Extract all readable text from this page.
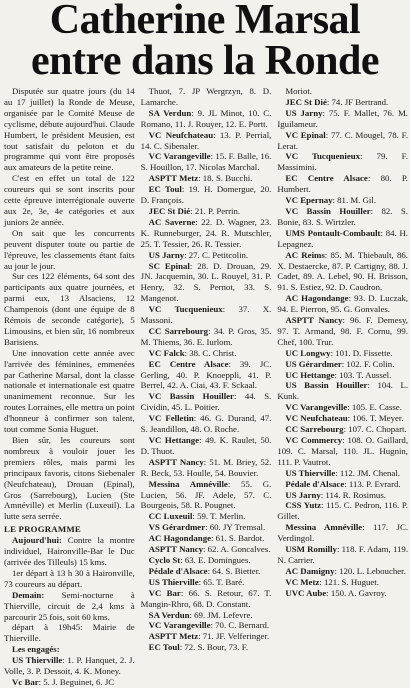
Catherine Marsal
entre dans la Ronde

Disputée sur quatre jours (du 14 au 17 juillet) la Ronde de Meuse, organisée par le Comité Meuse de cyclisme, débute aujourd'hui. Claude Humbert, le président Meusien, est tout satisfait du peloton et du programme qui vont être proposés aux amateurs de la petite reine.

C'est en effet un total de 122 coureurs qui se sont inscrits pour cette épreuve interrégionale ouverte aux 2e, 3e, 4e catégories et aux juniors 2e année.

On sait que les concurrents peuvent disputer toute ou partie de l'épreuve, les classements étant faits au jour le jour.

Sur ces 122 éléments, 64 sont des participants aux quatre journées, et parmi eux, 13 Alsaciens, 12 Champenois (dont une équipe de 8 Rémois de seconde catégorie), 5 Limousins, et bien sûr, 16 nombreux Barisiens.

Une innovation cette année avec l'arrivée des féminines, emmenées par Catherine Marsal, dont la classe nationale et internationale est quatre unanimement reconnue. Sur les routes Lorraines, elle mettra un point d'honneur à confirmer son talent, tout comme Sonia Huguet.

Bien sûr, les coureurs sont nombreux à vouloir jouer les premiers rôles, mais parmi les principaux favoris, citons Siebenaler (Neufchateau), Drouan (Epinal), Gros (Sarrebourg), Lucien (Ste Amnéville) et Merlin (Luxeuil). La lutte sera serrée.

LE PROGRAMME

Aujourd'hui: Contre la montre individuel, Haironville-Bar le Duc (arrivée des Tilleuls) 15 kms.

1er départ à 13 h 30 à Haironville, 73 coureurs au départ.

Demain: Semi-nocturne à Thierville, circuit de 2,4 kms à parcourir 25 fois, soit 60 kms.

départ à 19h45: Mairie de Thierville.

Les engagés:

US Thierville: 1. P. Hanquet, 2. J. Volle, 3. P. Dessoit, 4. K. Money.

Vc Bar: 5. J. Beguinet, 6. JC

Thuot, 7. JP Wergrzyn, 8. D. Lamarche.

SA Verdun: 9. JL Minot, 10. C. Romano, 11. J. Rouyer, 12. E. Portt.

VC Neufchateau: 13. P. Perrial, 14. C. Sibenaler.

VC Varangeville: 15. F. Balle, 16. S. Houillon, 17. Nicolas Marchal.

ASPTT Metz: 18. S. Bucchi.

EC Toul: 19. H. Domergue, 20. D. François.

JEC St Dié: 21. P. Perrin.

AC Saverne: 22. D. Wagner, 23. K. Runneburger, 24. R. Mutschler, 25. T. Tessier, 26. R. Tessier.

US Jarny: 27. C. Petitcolin.

SC Epinal: 28. D. Drouan, 29. JN. Jacquemin, 30. L. Rouyel, 31. P. Henry, 32. S. Pernot, 33. S. Mangenot.

VC Tucquenieux: 37. X. Massoni.

CC Sarrebourg: 34. P. Gros, 35. M. Thiems, 36. E. Iurlom.

VC Falck: 38. C. Christ.

EC Centre Alsace: 39. JC. Gerling, 40. P. Knoeppli, 41. P. Berrel, 42. A. Ciai, 43. F. Sckaal.

VC Bassin Houiller: 44. S. Cividin, 45. L. Poitier.

VC Felletin: 46. G. Durand, 47. S. Jeandillon, 48. O. Roche.

VC Hettange: 49. K. Raulet, 50. D. Thuot.

ASPTT Nancy: 51. M. Briey, 52. R. Beck, 53. Houlle, 54. Bouvier.

Messina Amnéville: 55. G. Lucien, 56. JF. Adele, 57. C. Bourgeois, 58. R. Pougnet.

CC Luxeuil: 59. T. Merlin.

VS Gérardmer: 60. JY Tremsal.

AC Hagondange: 61. S. Bardot.

ASPTT Nancy: 62. A. Goncalves.

Cyclo St: 63. E. Domingues.

Pédale d'Alsace: 64. S. Bietter.

US Thierville: 65. T. Baré.

VC Bar: 66. S. Retour, 67. T. Mangin-Rhro, 68. D. Constant.

SA Verdun: 69. JM. Lefevre.

VC Varangeville: 70. C. Bernard.

ASPTT Metz: 71. JF. Velferinger.

EC Toul: 72. S. Bour, 73. F.

Moriot.

JEC St Dié: 74. JF Bertrand.

US Jarny: 75. F. Mallet, 76. M. Iguilameur.

VC Epinal: 77. C. Mougel, 78. F. Lerat.

VC Tucquenieux: 79. F. Massimini.

EC Centre Alsace: 80. P. Humbert.

VC Epernay: 81. M. Gil.

VC Bassin Houiller: 82. S. Bonie, 83. S. Wirtzler.

UMS Pontault-Combault: 84. H. Lepagnez.

AC Reims: 85. M. Thiebault, 86. X. Destaercke, 87. P. Cartigny, 88. J. Cadet, 89. A. Lebel, 90. H. Brisson, 91. S. Estiez, 92. D. Caudron.

AC Hagondange: 93. D. Luczak, 94. E. Pierron, 95. G. Gonvales.

ASPTT Nancy: 96. F. Demesy, 97. T. Armand, 98. F. Cornu, 99. Chef, 100. Trur.

UC Longwy: 101. D. Fissette.

US Gérardmer: 102. F. Colin.

UC Hettange: 103. T. Aussel.

US Bassin Houiller: 104. L. Kunk.

VC Varangeville: 105. E. Casse.

VC Neufchateau: 106. T. Meyer.

CC Sarrebourg: 107. C. Chopart.

VC Commercy: 108. O. Gaillard, 109. C. Marsal, 110. JL. Hugnin, 111. P. Vautrot.

US Thierville: 112. JM. Chenal.

Pédale d'Alsace: 113. P. Evrard.

US Jarny: 114. R. Rosimus.

CSS Yutz: 115. C. Pedron, 116. P. Gillet.

Messina Amnéville: 117. JC. Verdingol.

USM Romilly: 118. F. Adam, 119. N. Carrier.

AC Damigny: 120. L. Leboucher.

VC Metz: 121. S. Huguet.

UVC Aube: 150. A. Gavroy.
